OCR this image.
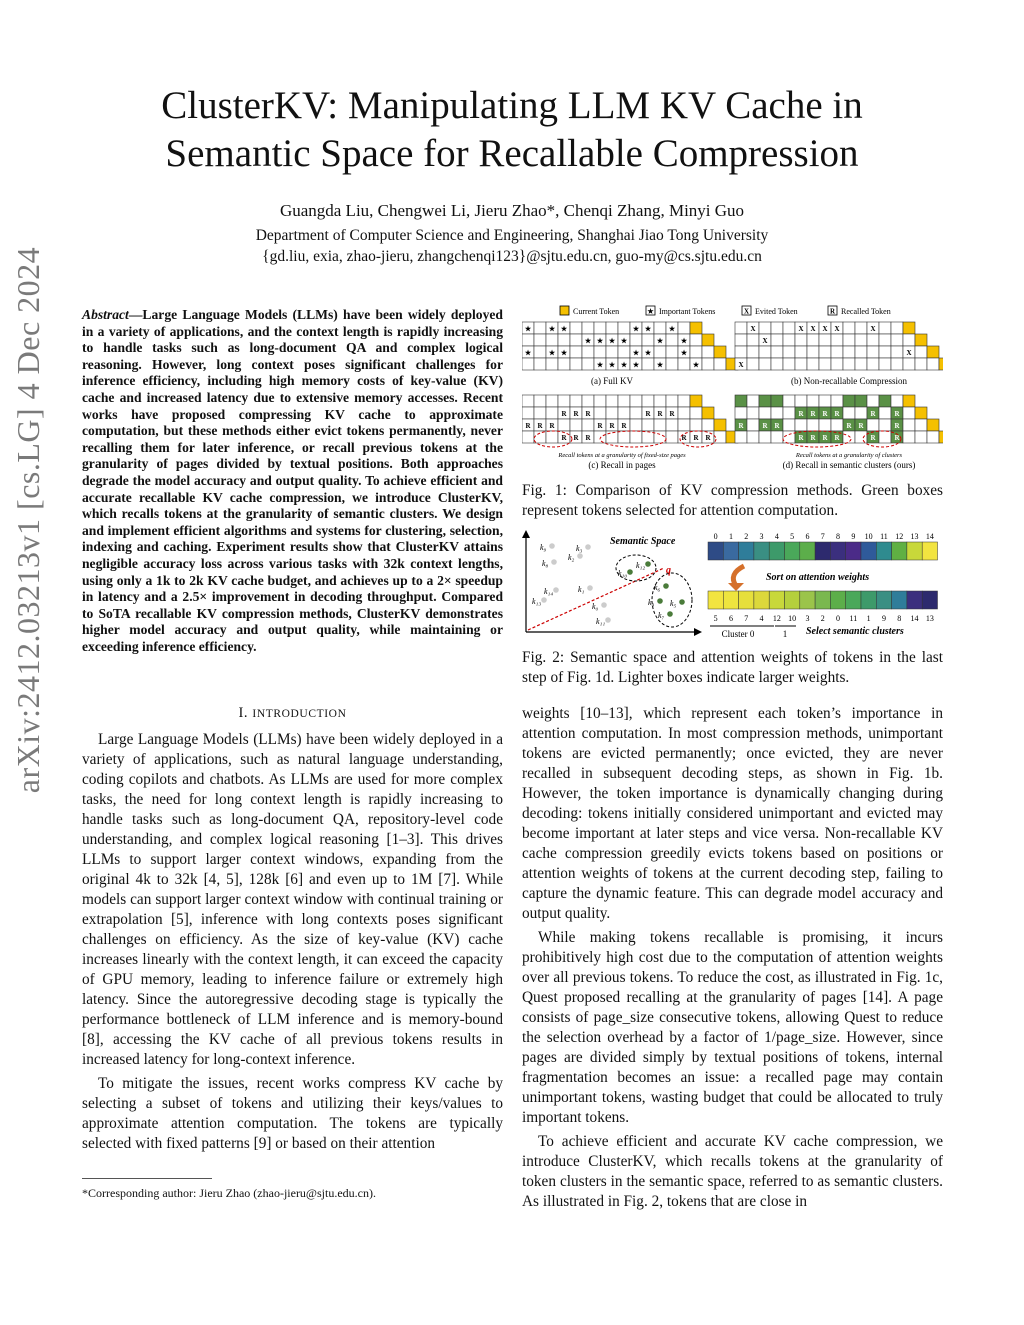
arXiv:2412.03213v1 [cs.LG] 4 Dec 2024
ClusterKV: Manipulating LLM KV Cache in
Semantic Space for Recallable Compression
Guangda Liu, Chengwei Li, Jieru Zhao*, Chenqi Zhang, Minyi Guo
Department of Computer Science and Engineering, Shanghai Jiao Tong University
{gd.liu, exia, zhao-jieru, zhangchenqi123}@sjtu.edu.cn, guo-my@cs.sjtu.edu.cn
Abstract—Large Language Models (LLMs) have been widely deployed in a variety of applications, and the context length is rapidly increasing to handle tasks such as long-document QA and complex logical reasoning. However, long context poses significant challenges for inference efficiency, including high memory costs of key-value (KV) cache and increased latency due to extensive memory accesses. Recent works have proposed compressing KV cache to approximate computation, but these methods either evict tokens permanently, never recalling them for later inference, or recall previous tokens at the granularity of pages divided by textual positions. Both approaches degrade the model accuracy and output quality. To achieve efficient and accurate recallable KV cache compression, we introduce ClusterKV, which recalls tokens at the granularity of semantic clusters. We design and implement efficient algorithms and systems for clustering, selection, indexing and caching. Experiment results show that ClusterKV attains negligible accuracy loss across various tasks with 32k context lengths, using only a 1k to 2k KV cache budget, and achieves up to a 2× speedup in latency and a 2.5× improvement in decoding throughput. Compared to SoTA recallable KV compression methods, ClusterKV demonstrates higher model accuracy and output quality, while maintaining or exceeding inference efficiency.
I. INTRODUCTION

Large Language Models (LLMs) have been widely deployed in a variety of applications, such as natural language understanding, coding copilots and chatbots. As LLMs are used for more complex tasks, the need for long context length is rapidly increasing to handle tasks such as long-document QA, repository-level code understanding, and complex logical reasoning [1–3]. This drives LLMs to support larger context windows, expanding from the original 4k to 32k [4, 5], 128k [6] and even up to 1M [7]. While models can support larger context window with continual training or extrapolation [5], inference with long contexts poses significant challenges on efficiency. As the size of key-value (KV) cache increases linearly with the context length, it can exceed the capacity of GPU memory, leading to inference failure or extremely high latency. Since the autoregressive decoding stage is typically the performance bottleneck of LLM inference and is memory-bound [8], accessing the KV cache of all previous tokens results in increased latency for long-context inference.

To mitigate the issues, recent works compress KV cache by selecting a subset of tokens and utilizing their keys/values to approximate attention computation. The tokens are typically selected with fixed patterns [9] or based on their attention

*Corresponding author: Jieru Zhao (zhao-jieru@sjtu.edu.cn).
Current Token	★ Important Tokens	X Evited Token	R Recalled Token
★	★ ★	★ ★	★
★ ★ ★ ★	★	★
★	★ ★	★ ★	★
★ ★ ★ ★	★	★
X	X X X X	X
X
X
X
R R R	R R R
R R R	R R R
R R R	R R R
R R R R	R	R
R	R R	R R	R
R R R R	R	R
(a) Full KV	(b) Non-recallable Compression
Recall tokens at a granularity of fixed-size pages	Recall tokens at a granularity of clusters
(c) Recall in pages	(d) Recall in semantic clusters (ours)
Fig. 1: Comparison of KV compression methods. Green boxes represent tokens selected for attention computation.
Semantic Space
k₉
k₈
k₃
k₂
k₁₄
k₁₃
k₁
k₀
k₁₁
k₁₀
k₁₂
k₆
k₄ k₅
k₇
q
0 1 2 3 4 5 6 7 8 9 10 11 12 13 14
5 6 7 4 12 10 3 2 0 11 1 9 8 14 13
Sort on attention weights
Cluster 0	1 Select semantic clusters
Fig. 2: Semantic space and attention weights of tokens in the last step of Fig. 1d. Lighter boxes indicate larger weights.

weights [10–13], which represent each token’s importance in attention computation. In most compression methods, unimportant tokens are evicted permanently; once evicted, they are never recalled in subsequent decoding steps, as shown in Fig. 1b. However, the token importance is dynamically changing during decoding: tokens initially considered unimportant and evicted may become important at later steps and vice versa. Non-recallable KV cache compression greedily evicts tokens based on positions or attention weights of tokens at the current decoding step, failing to capture the dynamic feature. This can degrade model accuracy and output quality.

While making tokens recallable is promising, it incurs prohibitively high cost due to the computation of attention weights over all previous tokens. To reduce the cost, as illustrated in Fig. 1c, Quest proposed recalling at the granularity of pages [14]. A page consists of page_size consecutive tokens, allowing Quest to reduce the selection overhead by a factor of 1/page_size. However, since pages are divided simply by textual positions of tokens, internal fragmentation becomes an issue: a recalled page may contain unimportant tokens, wasting budget that could be allocated to truly important tokens.

To achieve efficient and accurate KV cache compression, we introduce ClusterKV, which recalls tokens at the granularity of token clusters in the semantic space, referred to as semantic clusters. As illustrated in Fig. 2, tokens that are close in
